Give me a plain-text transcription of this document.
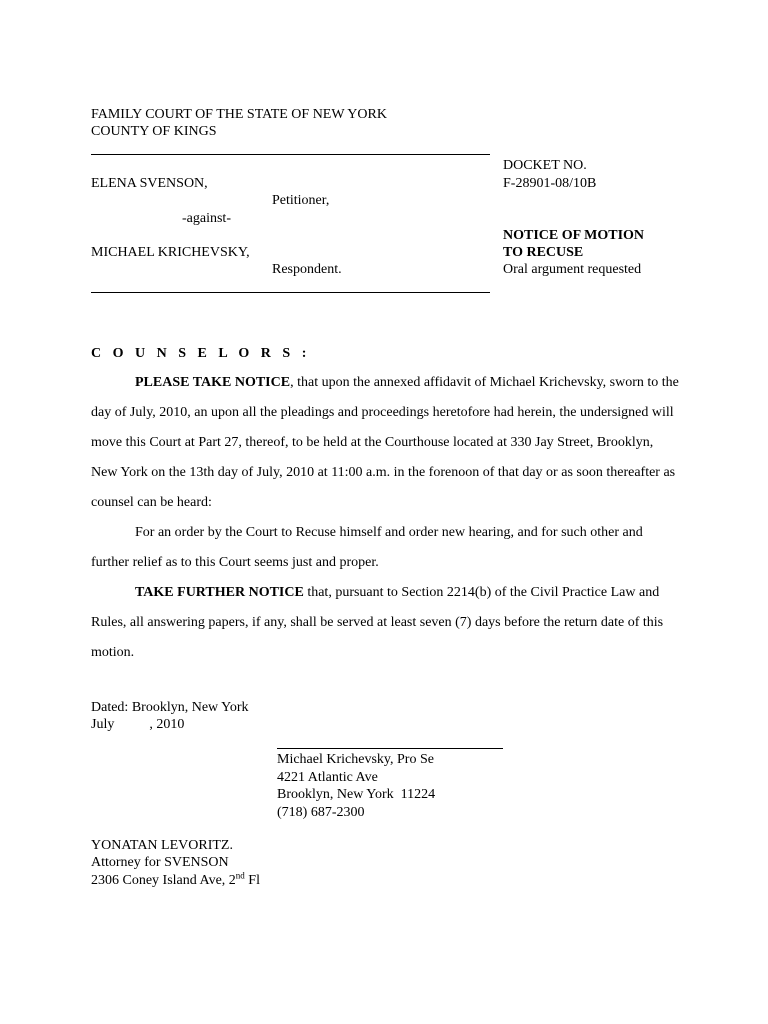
FAMILY COURT OF THE STATE OF NEW YORK
COUNTY OF KINGS
ELENA SVENSON,
Petitioner,
-against-
MICHAEL KRICHEVSKY,
Respondent.
DOCKET NO.
F-28901-08/10B
NOTICE OF MOTION
TO RECUSE
Oral argument requested
C O U N S E L O R S :

PLEASE TAKE NOTICE, that upon the annexed affidavit of Michael Krichevsky, sworn to the day of July, 2010, an upon all the pleadings and proceedings heretofore had herein, the undersigned will move this Court at Part 27, thereof, to be held at the Courthouse located at 330 Jay Street, Brooklyn, New York on the 13th day of July, 2010 at 11:00 a.m. in the forenoon of that day or as soon thereafter as counsel can be heard:

For an order by the Court to Recuse himself and order new hearing, and for such other and further relief as to this Court seems just and proper.

TAKE FURTHER NOTICE that, pursuant to Section 2214(b) of the Civil Practice Law and Rules, all answering papers, if any, shall be served at least seven (7) days before the return date of this motion.

Dated: Brooklyn, New York
July          , 2010
Michael Krichevsky, Pro Se
4221 Atlantic Ave
Brooklyn, New York  11224
(718) 687-2300
YONATAN LEVORITZ.
Attorney for SVENSON
2306 Coney Island Ave, 2nd Fl
